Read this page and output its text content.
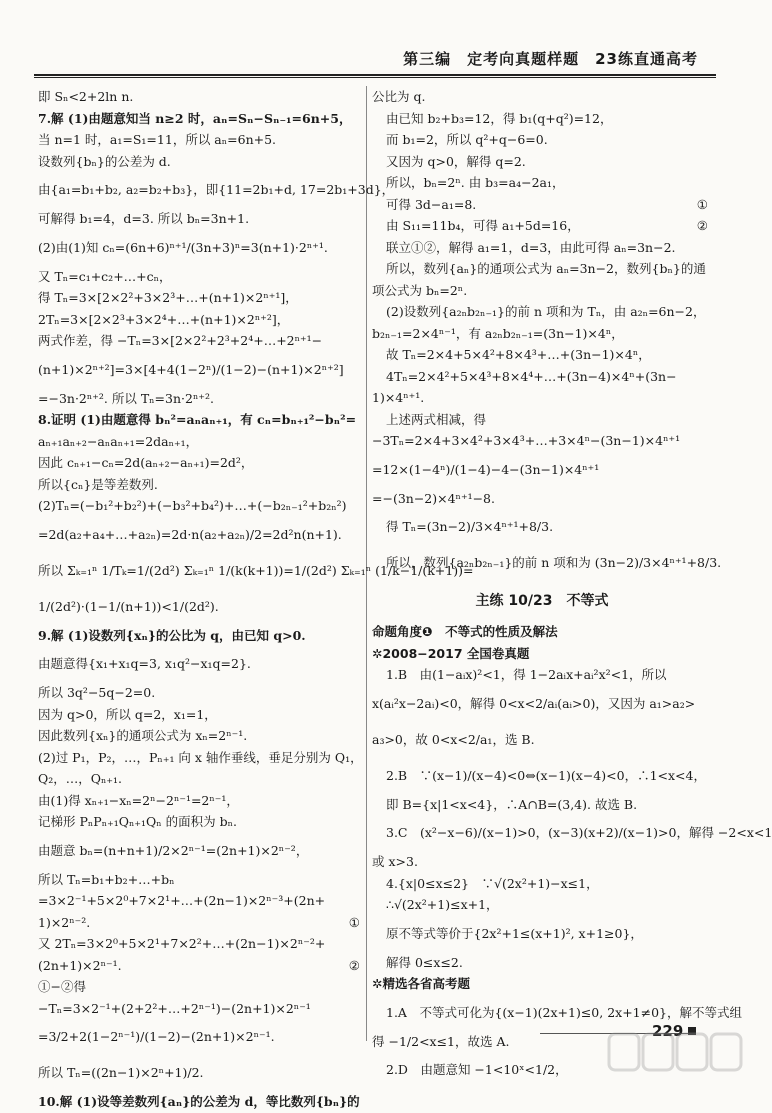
第三编　定考向真题样题　23练直通高考
即 Sₙ<2+2ln n.
7.解 (1)由题意知当 n≥2 时，aₙ=Sₙ−Sₙ₋₁=6n+5，
当 n=1 时，a₁=S₁=11，所以 aₙ=6n+5.
设数列{bₙ}的公差为 d.
由{a₁=b₁+b₂, a₂=b₂+b₃}，即{11=2b₁+d, 17=2b₁+3d}，
可解得 b₁=4，d=3. 所以 bₙ=3n+1.
(2)由(1)知 cₙ=(6n+6)ⁿ⁺¹/(3n+3)ⁿ=3(n+1)·2ⁿ⁺¹.
又 Tₙ=c₁+c₂+…+cₙ，
得 Tₙ=3×[2×2²+3×2³+…+(n+1)×2ⁿ⁺¹]，
2Tₙ=3×[2×2³+3×2⁴+…+(n+1)×2ⁿ⁺²]，
两式作差，得 −Tₙ=3×[2×2²+2³+2⁴+…+2ⁿ⁺¹−
(n+1)×2ⁿ⁺²]=3×[4+4(1−2ⁿ)/(1−2)−(n+1)×2ⁿ⁺²]
=−3n·2ⁿ⁺². 所以 Tₙ=3n·2ⁿ⁺².
8.证明 (1)由题意得 bₙ²=aₙaₙ₊₁，有 cₙ=bₙ₊₁²−bₙ²=
aₙ₊₁aₙ₊₂−aₙaₙ₊₁=2daₙ₊₁，
因此 cₙ₊₁−cₙ=2d(aₙ₊₂−aₙ₊₁)=2d²，
所以{cₙ}是等差数列.
(2)Tₙ=(−b₁²+b₂²)+(−b₃²+b₄²)+…+(−b₂ₙ₋₁²+b₂ₙ²)
=2d(a₂+a₄+…+a₂ₙ)=2d·n(a₂+a₂ₙ)/2=2d²n(n+1).
所以 Σₖ₌₁ⁿ 1/Tₖ=1/(2d²) Σₖ₌₁ⁿ 1/(k(k+1))=1/(2d²) Σₖ₌₁ⁿ (1/k−1/(k+1))=
1/(2d²)·(1−1/(n+1))<1/(2d²).
9.解 (1)设数列{xₙ}的公比为 q，由已知 q>0.
由题意得{x₁+x₁q=3, x₁q²−x₁q=2}.
所以 3q²−5q−2=0.
因为 q>0，所以 q=2，x₁=1，
因此数列{xₙ}的通项公式为 xₙ=2ⁿ⁻¹.
(2)过 P₁，P₂，…，Pₙ₊₁ 向 x 轴作垂线，垂足分别为 Q₁，
Q₂，…，Qₙ₊₁.
由(1)得 xₙ₊₁−xₙ=2ⁿ−2ⁿ⁻¹=2ⁿ⁻¹，
记梯形 PₙPₙ₊₁Qₙ₊₁Qₙ 的面积为 bₙ.
由题意 bₙ=(n+n+1)/2×2ⁿ⁻¹=(2n+1)×2ⁿ⁻²，
所以 Tₙ=b₁+b₂+…+bₙ
=3×2⁻¹+5×2⁰+7×2¹+…+(2n−1)×2ⁿ⁻³+(2n+
1)×2ⁿ⁻².	①
又 2Tₙ=3×2⁰+5×2¹+7×2²+…+(2n−1)×2ⁿ⁻²+
(2n+1)×2ⁿ⁻¹.	②
①−②得
−Tₙ=3×2⁻¹+(2+2²+…+2ⁿ⁻¹)−(2n+1)×2ⁿ⁻¹
=3/2+2(1−2ⁿ⁻¹)/(1−2)−(2n+1)×2ⁿ⁻¹.
所以 Tₙ=((2n−1)×2ⁿ+1)/2.
10.解 (1)设等差数列{aₙ}的公差为 d，等比数列{bₙ}的
公比为 q.
由已知 b₂+b₃=12，得 b₁(q+q²)=12，
而 b₁=2，所以 q²+q−6=0.
又因为 q>0，解得 q=2.
所以，bₙ=2ⁿ. 由 b₃=a₄−2a₁，
可得 3d−a₁=8.	①
由 S₁₁=11b₄，可得 a₁+5d=16，	②
联立①②，解得 a₁=1，d=3，由此可得 aₙ=3n−2.
所以，数列{aₙ}的通项公式为 aₙ=3n−2，数列{bₙ}的通
项公式为 bₙ=2ⁿ.
(2)设数列{a₂ₙb₂ₙ₋₁}的前 n 项和为 Tₙ，由 a₂ₙ=6n−2，
b₂ₙ₋₁=2×4ⁿ⁻¹，有 a₂ₙb₂ₙ₋₁=(3n−1)×4ⁿ，
故 Tₙ=2×4+5×4²+8×4³+…+(3n−1)×4ⁿ，
4Tₙ=2×4²+5×4³+8×4⁴+…+(3n−4)×4ⁿ+(3n−
1)×4ⁿ⁺¹.
上述两式相减，得
−3Tₙ=2×4+3×4²+3×4³+…+3×4ⁿ−(3n−1)×4ⁿ⁺¹
=12×(1−4ⁿ)/(1−4)−4−(3n−1)×4ⁿ⁺¹
=−(3n−2)×4ⁿ⁺¹−8.
得 Tₙ=(3n−2)/3×4ⁿ⁺¹+8/3.
所以，数列{a₂ₙb₂ₙ₋₁}的前 n 项和为 (3n−2)/3×4ⁿ⁺¹+8/3.
主练 10/23　不等式
命题角度❶　不等式的性质及解法
✲2008−2017 全国卷真题
1.B　由(1−aᵢx)²<1，得 1−2aᵢx+aᵢ²x²<1，所以
x(aᵢ²x−2aᵢ)<0，解得 0<x<2/aᵢ(aᵢ>0)，又因为 a₁>a₂>
a₃>0，故 0<x<2/a₁，选 B.
2.B　∵(x−1)/(x−4)<0⇔(x−1)(x−4)<0，∴1<x<4，
即 B={x|1<x<4}，∴A∩B=(3,4). 故选 B.
3.C　(x²−x−6)/(x−1)>0，(x−3)(x+2)/(x−1)>0，解得 −2<x<1
或 x>3.
4.{x|0≤x≤2}　∵√(2x²+1)−x≤1，
∴√(2x²+1)≤x+1，
原不等式等价于{2x²+1≤(x+1)², x+1≥0}，
解得 0≤x≤2.
✲精选各省高考题
1.A　不等式可化为{(x−1)(2x+1)≤0, 2x+1≠0}，解不等式组
得 −1/2<x≤1，故选 A.
2.D　由题意知 −1<10ˣ<1/2，
229
